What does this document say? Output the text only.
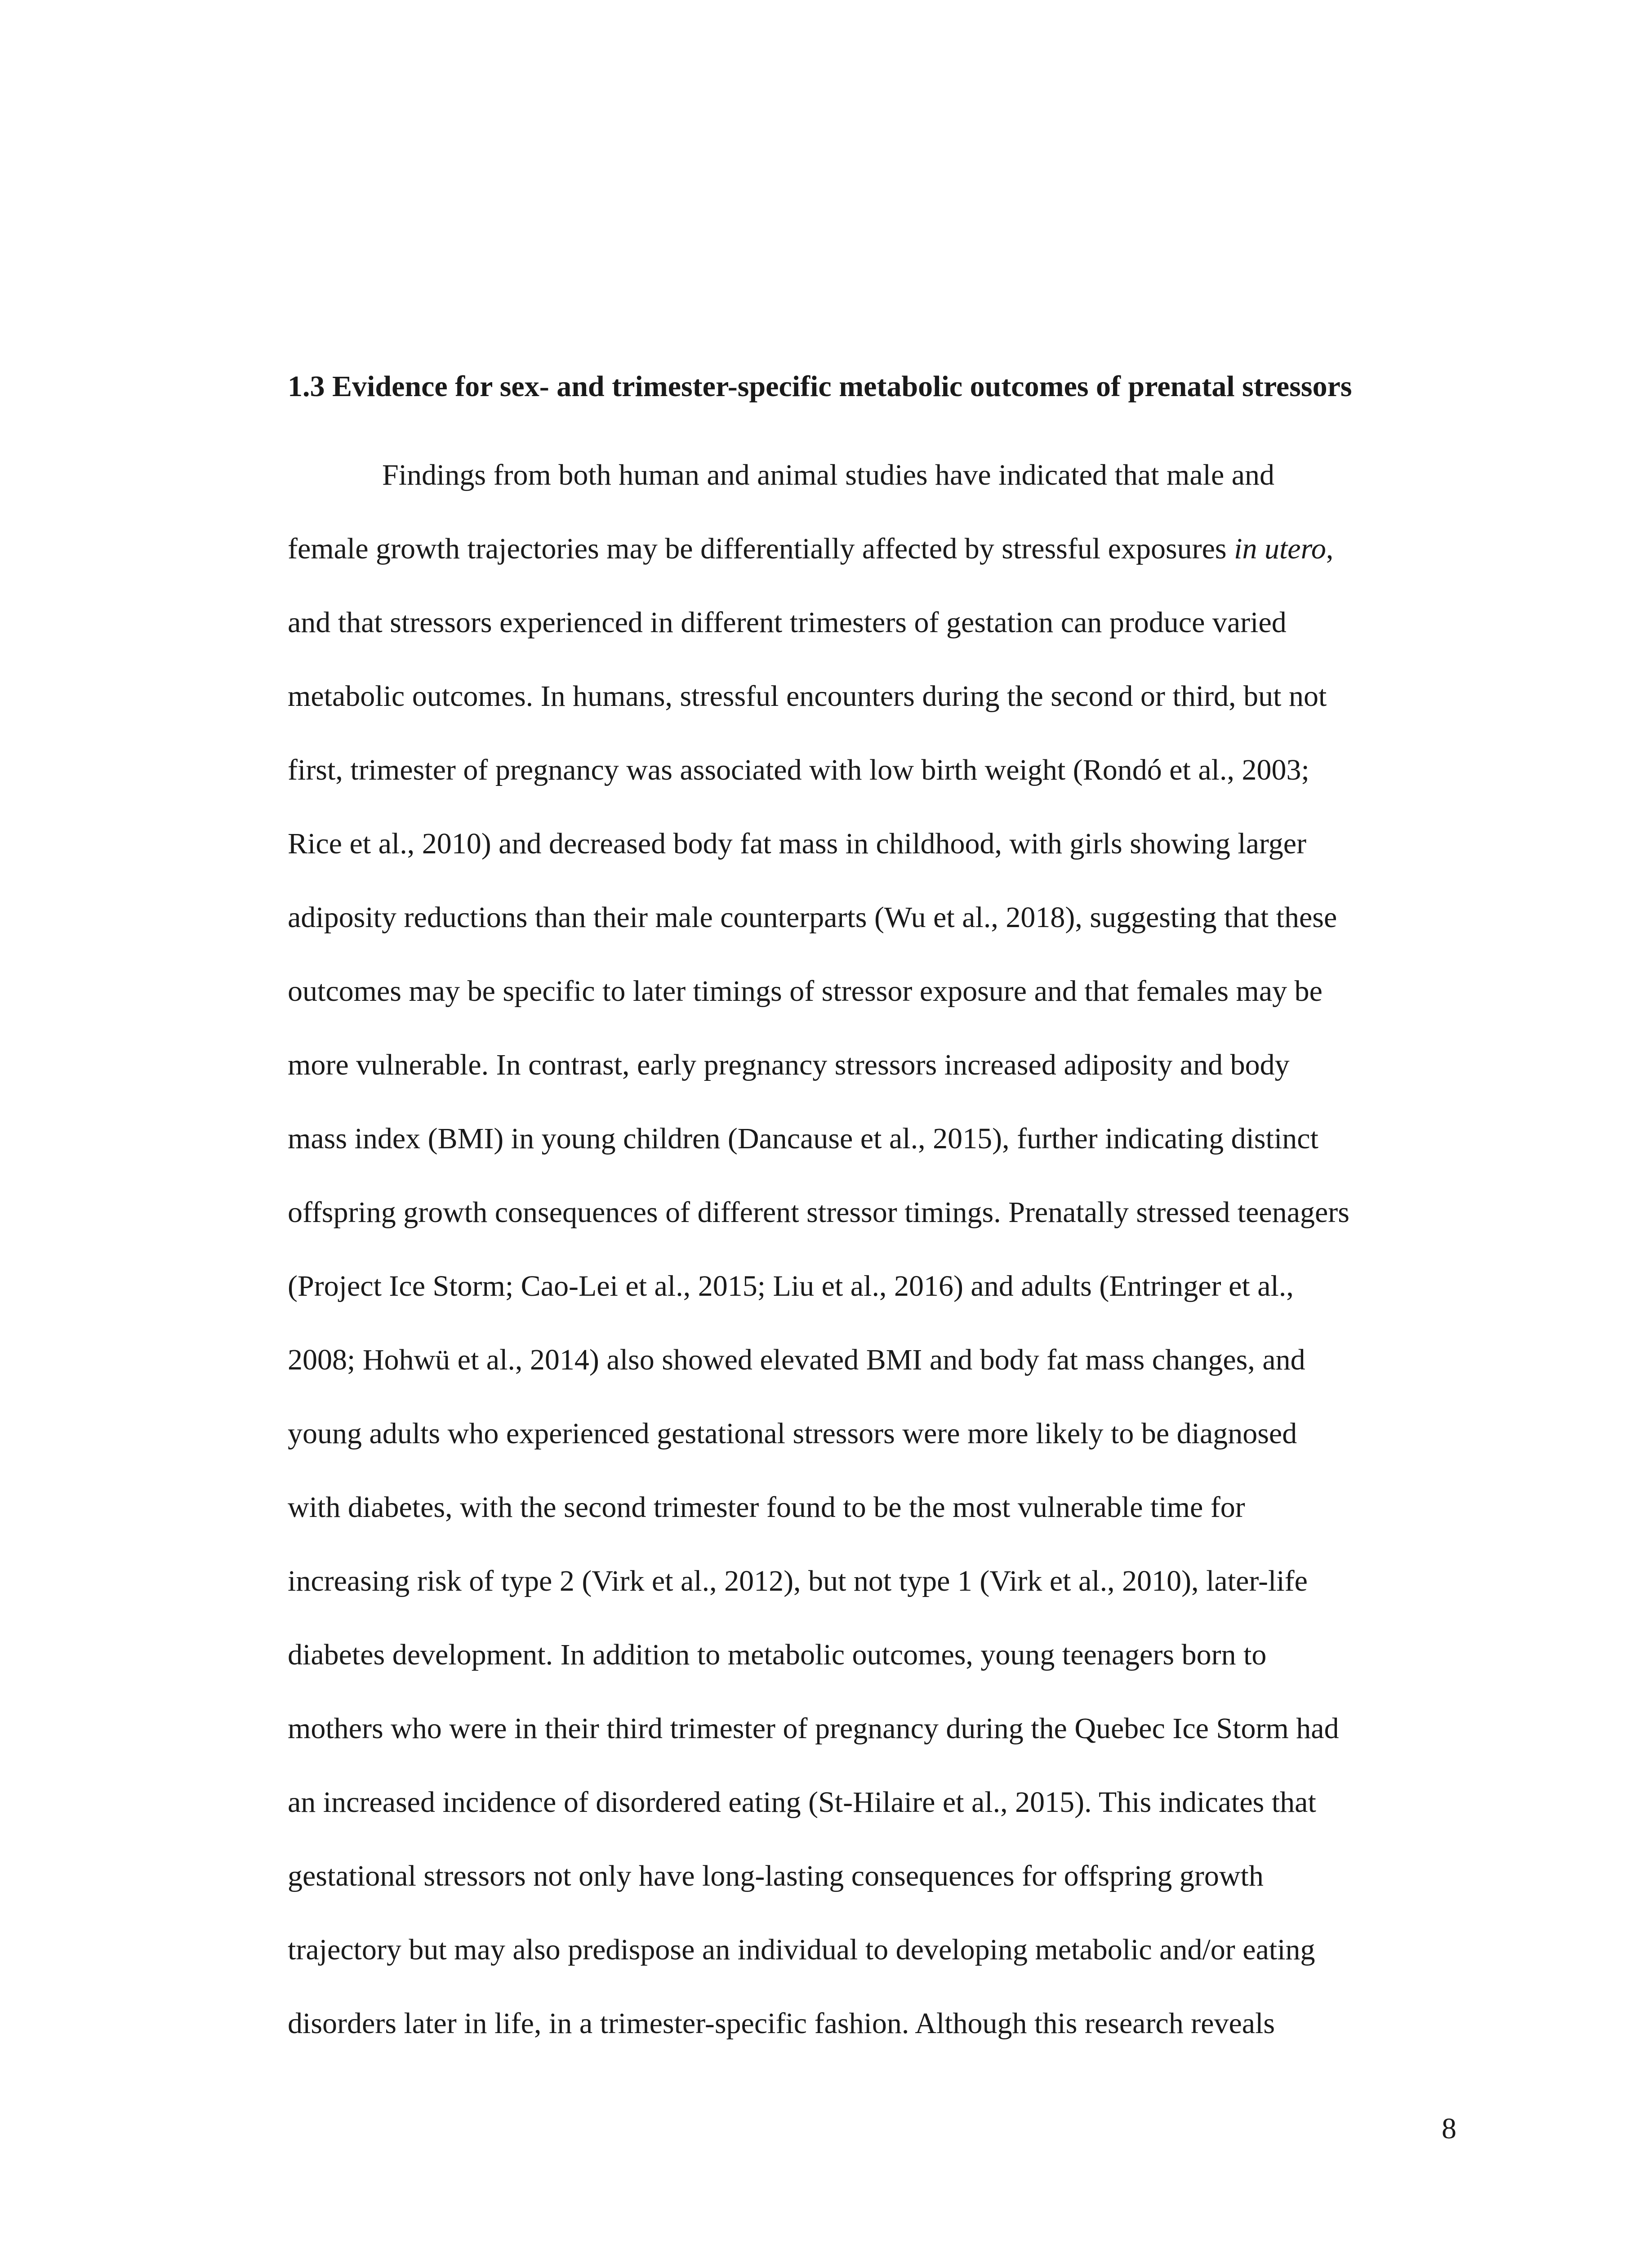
1.3 Evidence for sex- and trimester-specific metabolic outcomes of prenatal stressors
Findings from both human and animal studies have indicated that male and
female growth trajectories may be differentially affected by stressful exposures in utero,
and that stressors experienced in different trimesters of gestation can produce varied
metabolic outcomes. In humans, stressful encounters during the second or third, but not
first, trimester of pregnancy was associated with low birth weight (Rondó et al., 2003;
Rice et al., 2010) and decreased body fat mass in childhood, with girls showing larger
adiposity reductions than their male counterparts (Wu et al., 2018), suggesting that these
outcomes may be specific to later timings of stressor exposure and that females may be
more vulnerable. In contrast, early pregnancy stressors increased adiposity and body
mass index (BMI) in young children (Dancause et al., 2015), further indicating distinct
offspring growth consequences of different stressor timings. Prenatally stressed teenagers
(Project Ice Storm; Cao-Lei et al., 2015; Liu et al., 2016) and adults (Entringer et al.,
2008; Hohwü et al., 2014) also showed elevated BMI and body fat mass changes, and
young adults who experienced gestational stressors were more likely to be diagnosed
with diabetes, with the second trimester found to be the most vulnerable time for
increasing risk of type 2 (Virk et al., 2012), but not type 1 (Virk et al., 2010), later-life
diabetes development. In addition to metabolic outcomes, young teenagers born to
mothers who were in their third trimester of pregnancy during the Quebec Ice Storm had
an increased incidence of disordered eating (St-Hilaire et al., 2015). This indicates that
gestational stressors not only have long-lasting consequences for offspring growth
trajectory but may also predispose an individual to developing metabolic and/or eating
disorders later in life, in a trimester-specific fashion. Although this research reveals
8
